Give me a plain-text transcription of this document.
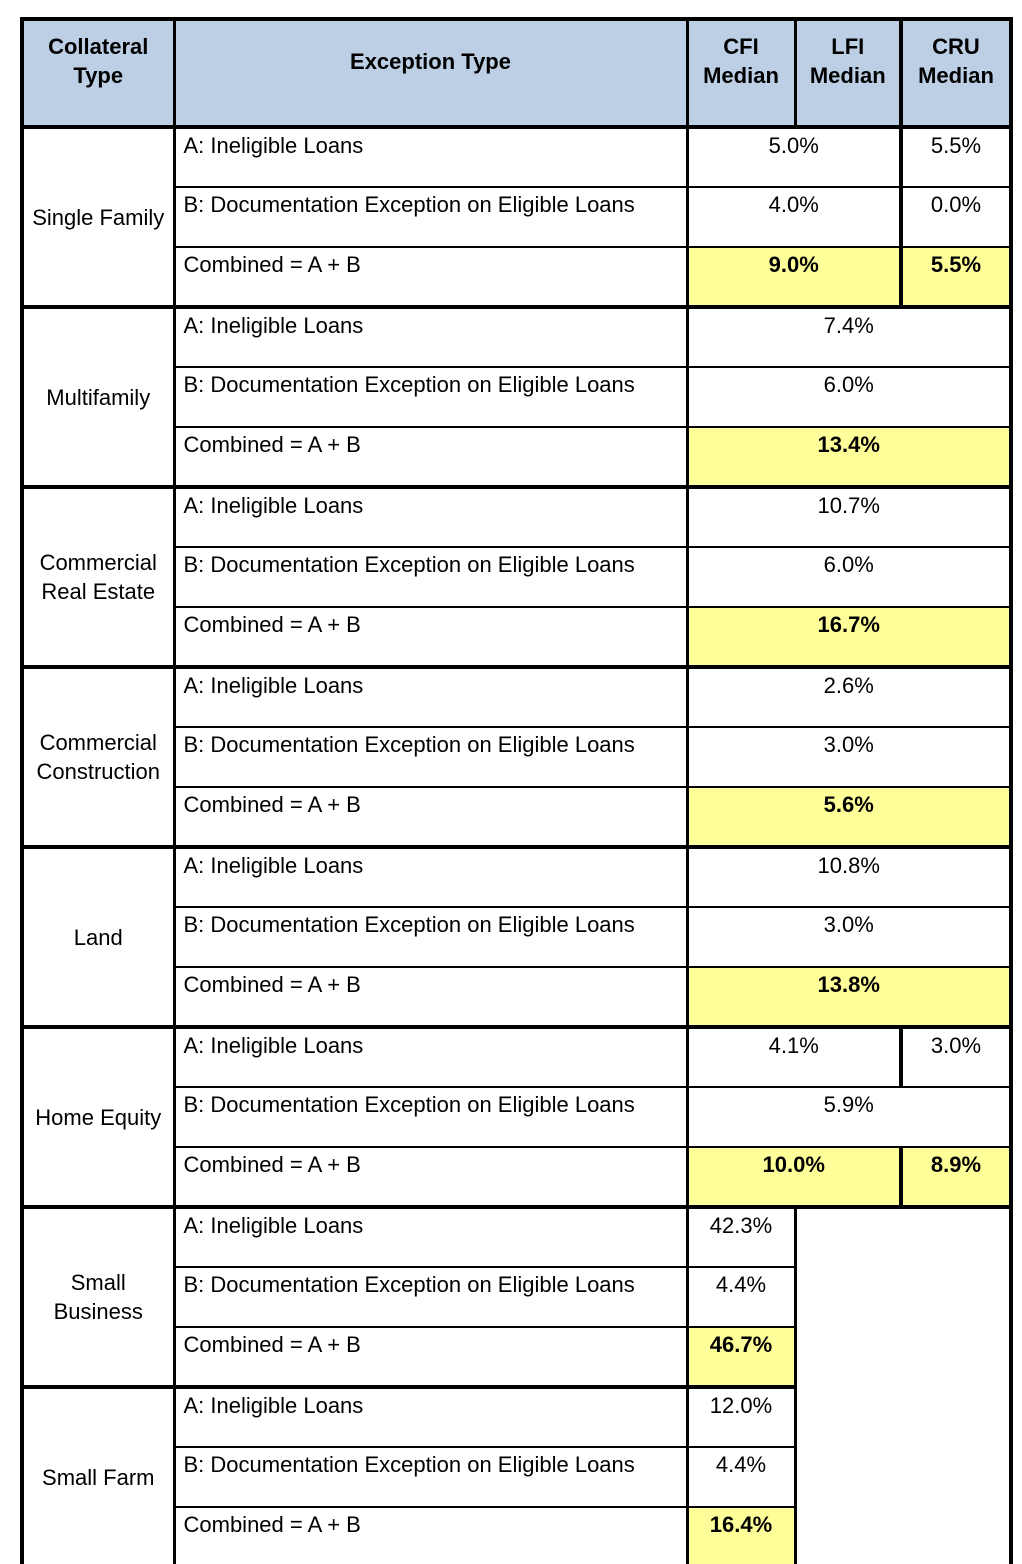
Collateral Type	Exception Type	CFI Median	LFI Median	CRU Median

Single Family	A: Ineligible Loans	5.0%		5.5%
	B: Documentation Exception on Eligible Loans	4.0%		0.0%
	Combined = A + B	9.0%		5.5%
Multifamily	A: Ineligible Loans	7.4%		
	B: Documentation Exception on Eligible Loans	6.0%		
	Combined = A + B	13.4%		
Commercial Real Estate	A: Ineligible Loans	10.7%		
	B: Documentation Exception on Eligible Loans	6.0%		
	Combined = A + B	16.7%		
Commercial Construction	A: Ineligible Loans	2.6%		
	B: Documentation Exception on Eligible Loans	3.0%		
	Combined = A + B	5.6%		
Land	A: Ineligible Loans	10.8%		
	B: Documentation Exception on Eligible Loans	3.0%		
	Combined = A + B	13.8%		
Home Equity	A: Ineligible Loans	4.1%		3.0%
	B: Documentation Exception on Eligible Loans	5.9%		
	Combined = A + B	10.0%		8.9%
Small Business	A: Ineligible Loans	42.3%		
	B: Documentation Exception on Eligible Loans	4.4%		
	Combined = A + B	46.7%		
Small Farm	A: Ineligible Loans	12.0%		
	B: Documentation Exception on Eligible Loans	4.4%		
	Combined = A + B	16.4%		
